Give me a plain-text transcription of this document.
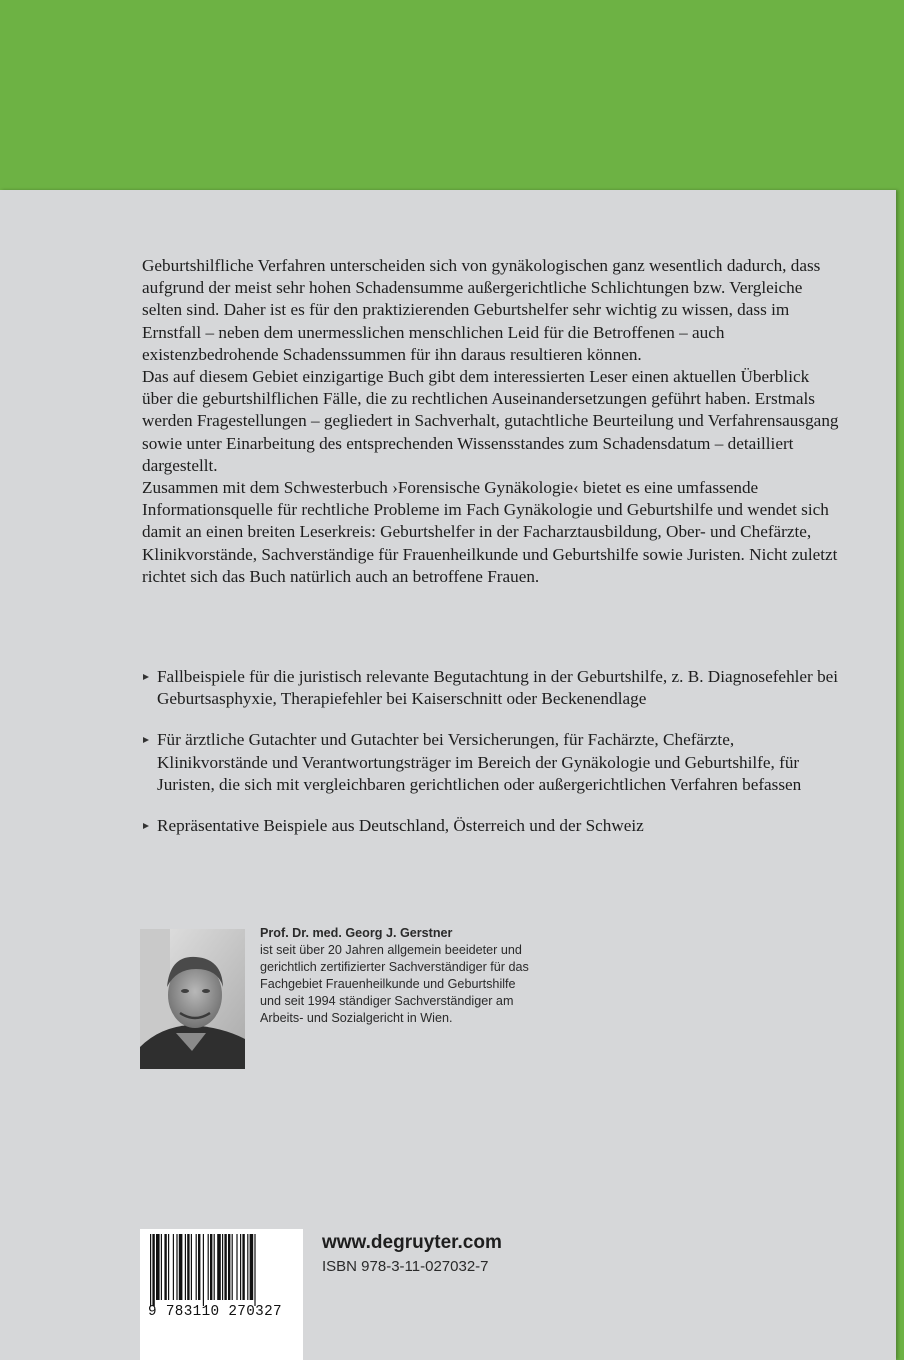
Geburtshilfliche Verfahren unterscheiden sich von gynäkologischen ganz wesentlich dadurch, dass aufgrund der meist sehr hohen Schadensumme außergerichtliche Schlichtungen bzw. Vergleiche selten sind. Daher ist es für den praktizierenden Geburtshelfer sehr wichtig zu wissen, dass im Ernstfall – neben dem unermesslichen menschlichen Leid für die Betroffenen – auch existenzbedrohende Schadenssummen für ihn daraus resultieren können.

Das auf diesem Gebiet einzigartige Buch gibt dem interessierten Leser einen aktuellen Überblick über die geburtshilflichen Fälle, die zu rechtlichen Auseinandersetzungen geführt haben. Erstmals werden Fragestellungen – gegliedert in Sachverhalt, gutachtliche Beurteilung und Verfahrensausgang sowie unter Einarbeitung des entsprechenden Wissensstandes zum Schadensdatum – detailliert dargestellt.

Zusammen mit dem Schwesterbuch ›Forensische Gynäkologie‹ bietet es eine umfassende Informationsquelle für rechtliche Probleme im Fach Gynäkologie und Geburtshilfe und wendet sich damit an einen breiten Leserkreis: Geburtshelfer in der Facharztausbildung, Ober- und Chefärzte, Klinikvorstände, Sachverständige für Frauenheilkunde und Geburtshilfe sowie Juristen. Nicht zuletzt richtet sich das Buch natürlich auch an betroffene Frauen.

Fallbeispiele für die juristisch relevante Begutachtung in der Geburtshilfe, z. B. Diagnosefehler bei Geburtsasphyxie, Therapiefehler bei Kaiserschnitt oder Beckenendlage
Für ärztliche Gutachter und Gutachter bei Versicherungen, für Fachärzte, Chefärzte, Klinikvorstände und Verantwortungsträger im Bereich der Gynäkologie und Geburtshilfe, für Juristen, die sich mit vergleichbaren gerichtlichen oder außergerichtlichen Verfahren befassen
Repräsentative Beispiele aus Deutschland, Österreich und der Schweiz
Prof. Dr. med. Georg J. Gerstner
ist seit über 20 Jahren allgemein beeideter und gerichtlich zertifizierter Sachverständiger für das Fachgebiet Frauenheilkunde und Geburtshilfe und seit 1994 ständiger Sachverständiger am Arbeits- und Sozialgericht in Wien.
9 783110 270327
www.degruyter.com
ISBN 978-3-11-027032-7
